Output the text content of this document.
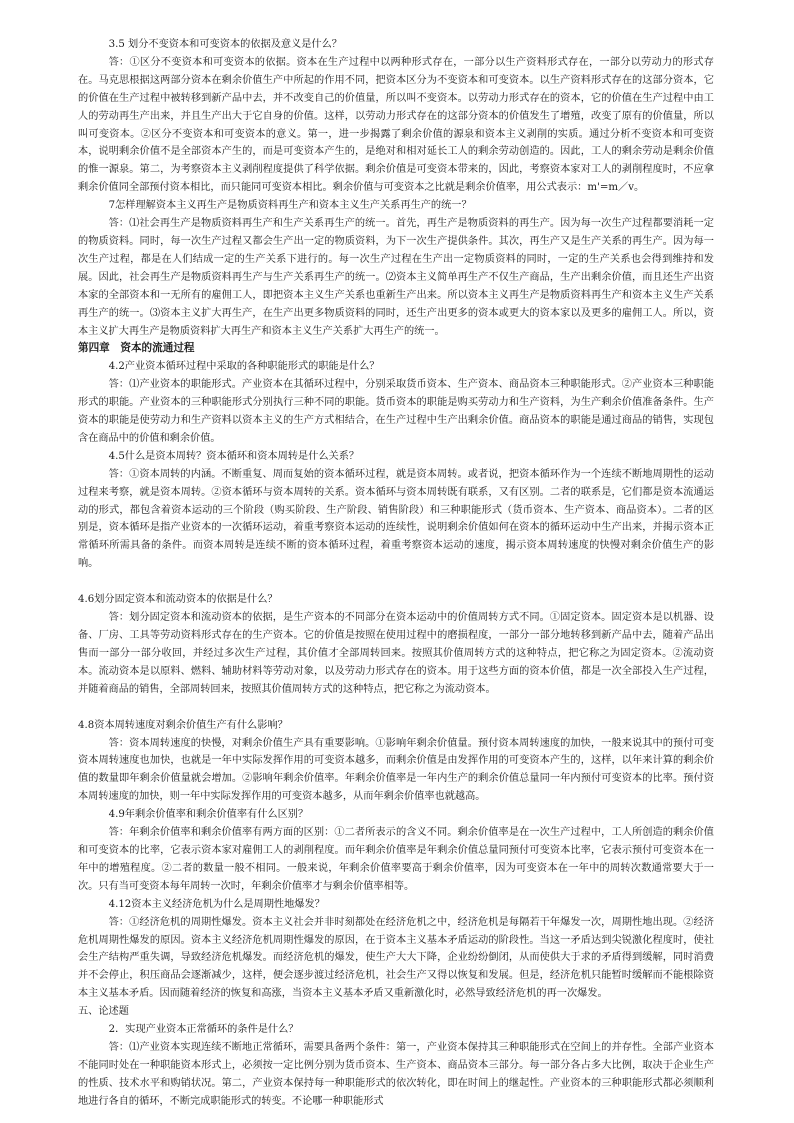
3.5 划分不变资本和可变资本的依据及意义是什么？

答：①区分不变资本和可变资本的依据。资本在生产过程中以两种形式存在，一部分以生产资料形式存在，一部分以劳动力的形式存在。马克思根据这两部分资本在剩余价值生产中所起的作用不同，把资本区分为不变资本和可变资本。以生产资料形式存在的这部分资本，它的价值在生产过程中被转移到新产品中去，并不改变自己的价值量，所以叫不变资本。以劳动力形式存在的资本，它的价值在生产过程中由工人的劳动再生产出来，并且生产出大于它自身的价值。这样，以劳动力形式存在的这部分资本的价值发生了增殖，改变了原有的价值量，所以叫可变资本。②区分不变资本和可变资本的意义。第一，进一步揭露了剩余价值的源泉和资本主义剥削的实质。通过分析不变资本和可变资本，说明剩余价值不是全部资本产生的，而是可变资本产生的，是绝对和相对延长工人的剩余劳动创造的。因此，工人的剩余劳动是剩余价值的惟一源泉。第二，为考察资本主义剥削程度提供了科学依据。剩余价值是可变资本带来的，因此，考察资本家对工人的剥削程度时，不应拿剩余价值同全部预付资本相比，而只能同可变资本相比。剩余价值与可变资本之比就是剩余价值率，用公式表示：m'=m／v。

7怎样理解资本主义再生产是物质资料再生产和资本主义生产关系再生产的统一？

答：⑴社会再生产是物质资料再生产和生产关系再生产的统一。首先，再生产是物质资料的再生产。因为每一次生产过程都要消耗一定的物质资料。同时，每一次生产过程又都会生产出一定的物质资料，为下一次生产提供条件。其次，再生产又是生产关系的再生产。因为每一次生产过程，都是在人们结成一定的生产关系下进行的。每一次生产过程在生产出一定物质资料的同时，一定的生产关系也会得到维持和发展。因此，社会再生产是物质资料再生产与生产关系再生产的统一。⑵资本主义简单再生产不仅生产商品，生产出剩余价值，而且还生产出资本家的全部资本和一无所有的雇佣工人，即把资本主义生产关系也重新生产出来。所以资本主义再生产是物质资料再生产和资本主义生产关系再生产的统一。⑶资本主义扩大再生产，在生产出更多物质资料的同时，还生产出更多的资本或更大的资本家以及更多的雇佣工人。所以，资本主义扩大再生产是物质资料扩大再生产和资本主义生产关系扩大再生产的统一。

第四章　资本的流通过程

4.2产业资本循环过程中采取的各种职能形式的职能是什么？

答：⑴产业资本的职能形式。产业资本在其循环过程中，分别采取货币资本、生产资本、商品资本三种职能形式。②产业资本三种职能形式的职能。产业资本的三种职能形式分别执行三种不同的职能。货币资本的职能是购买劳动力和生产资料，为生产剩余价值准备条件。生产资本的职能是使劳动力和生产资料以资本主义的生产方式相结合，在生产过程中生产出剩余价值。商品资本的职能是通过商品的销售，实现包含在商品中的价值和剩余价值。

4.5什么是资本周转？资本循环和资本周转是什么关系？

答：①资本周转的内涵。不断重复、周而复始的资本循环过程，就是资本周转。或者说，把资本循环作为一个连续不断地周期性的运动过程来考察，就是资本周转。②资本循环与资本周转的关系。资本循环与资本周转既有联系，又有区别。二者的联系是，它们都是资本流通运动的形式，都包含着资本运动的三个阶段（购买阶段、生产阶段、销售阶段）和三种职能形式（货币资本、生产资本、商品资本）。二者的区别是，资本循环是指产业资本的一次循环运动，着重考察资本运动的连续性，说明剩余价值如何在资本的循环运动中生产出来，并揭示资本正常循环所需具备的条件。而资本周转是连续不断的资本循环过程，着重考察资本运动的速度，揭示资本周转速度的快慢对剩余价值生产的影响。

4.6划分固定资本和流动资本的依据是什么？

答：划分固定资本和流动资本的依据，是生产资本的不同部分在资本运动中的价值周转方式不同。①固定资本。固定资本是以机器、设备、厂房、工具等劳动资料形式存在的生产资本。它的价值是按照在使用过程中的磨损程度，一部分一部分地转移到新产品中去，随着产品出售而一部分一部分收回，并经过多次生产过程，其价值才全部周转回来。按照其价值周转方式的这种特点，把它称之为固定资本。②流动资本。流动资本是以原料、燃料、辅助材料等劳动对象，以及劳动力形式存在的资本。用于这些方面的资本价值，都是一次全部投入生产过程，并随着商品的销售，全部周转回来，按照其价值周转方式的这种特点，把它称之为流动资本。

4.8资本周转速度对剩余价值生产有什么影响？

答：资本周转速度的快慢，对剩余价值生产具有重要影响。①影响年剩余价值量。预付资本周转速度的加快，一般来说其中的预付可变资本周转速度也加快，也就是一年中实际发挥作用的可变资本越多，而剩余价值是由发挥作用的可变资本产生的，这样，以年来计算的剩余价值的数量即年剩余价值量就会增加。②影响年剩余价值率。年剩余价值率是一年内生产的剩余价值总量同一年内预付可变资本的比率。预付资本周转速度的加快，则一年中实际发挥作用的可变资本越多，从而年剩余价值率也就越高。

4.9年剩余价值率和剩余价值率有什么区别？

答：年剩余价值率和剩余价值率有两方面的区别：①二者所表示的含义不同。剩余价值率是在一次生产过程中，工人所创造的剩余价值和可变资本的比率，它表示资本家对雇佣工人的剥削程度。而年剩余价值率是年剩余价值总量同预付可变资本比率，它表示预付可变资本在一年中的增殖程度。②二者的数量一般不相同。一般来说，年剩余价值率要高于剩余价值率，因为可变资本在一年中的周转次数通常要大于一次。只有当可变资本每年周转一次时，年剩余价值率才与剩余价值率相等。

4.12资本主义经济危机为什么是周期性地爆发？

答：①经济危机的周期性爆发。资本主义社会并非时刻都处在经济危机之中，经济危机是每隔若干年爆发一次，周期性地出现。②经济危机周期性爆发的原因。资本主义经济危机周期性爆发的原因，在于资本主义基本矛盾运动的阶段性。当这一矛盾达到尖锐激化程度时，使社会生产结构严重失调，导致经济危机爆发。而经济危机的爆发，使生产大大下降，企业纷纷倒闭，从而使供大于求的矛盾得到缓解，同时消费并不会停止，积压商品会逐渐减少，这样，便会逐步渡过经济危机，社会生产又得以恢复和发展。但是，经济危机只能暂时缓解而不能根除资本主义基本矛盾。因而随着经济的恢复和高涨，当资本主义基本矛盾又重新激化时，必然导致经济危机的再一次爆发。

五、论述题

2．实现产业资本正常循环的条件是什么？

答：⑴产业资本实现连续不断地正常循环，需要具备两个条件：第一，产业资本保持其三种职能形式在空间上的并存性。全部产业资本不能同时处在一种职能资本形式上，必须按一定比例分别为货币资本、生产资本、商品资本三部分。每一部分各占多大比例，取决于企业生产的性质、技术水平和购销状况。第二，产业资本保持每一种职能形式的依次转化，即在时间上的继起性。产业资本的三种职能形式都必须顺利地进行各自的循环，不断完成职能形式的转变。不论哪一种职能形式
